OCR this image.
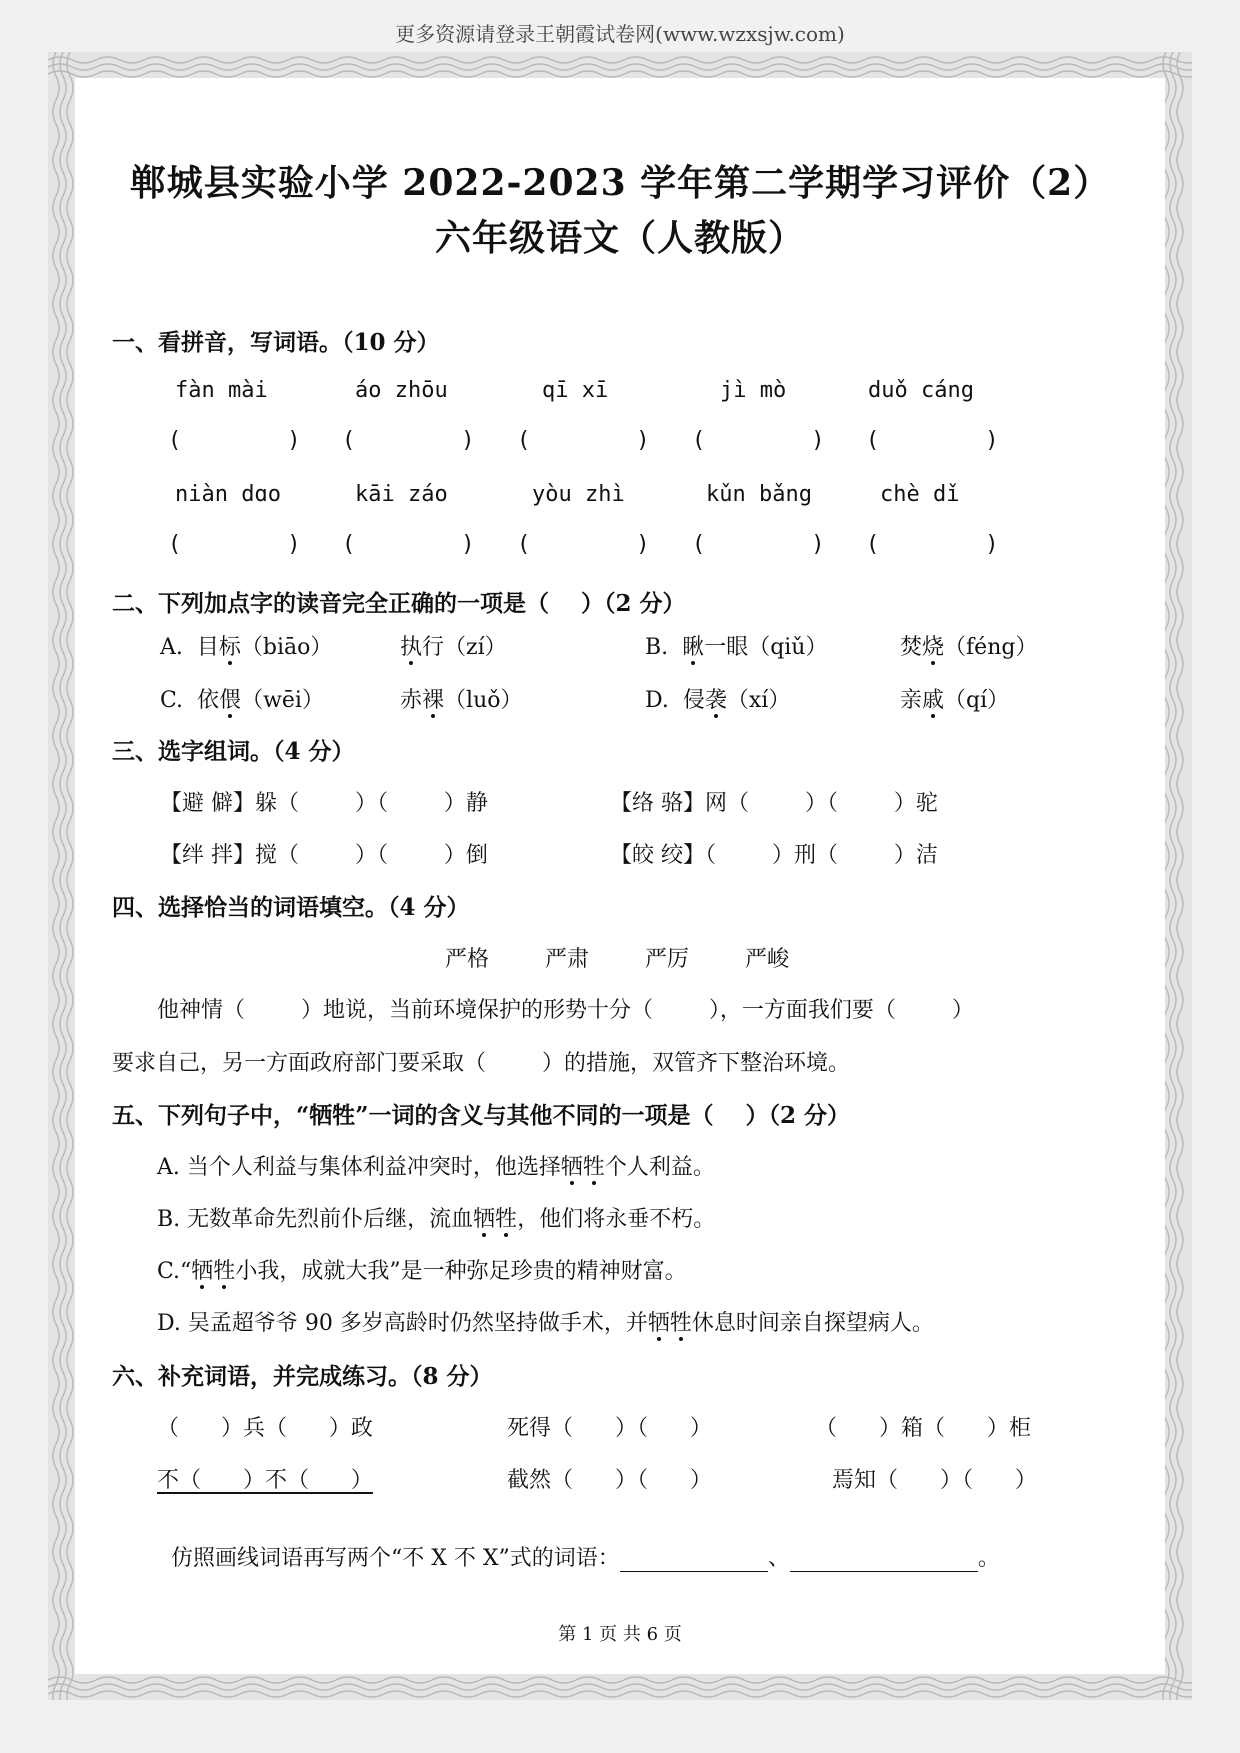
更多资源请登录王朝霞试卷网(www.wzxsjw.com)
郸城县实验小学 2022-2023 学年第二学期学习评价（2）
六年级语文（人教版）
一、看拼音，写词语。（10 分）
fàn mài	áo zhōu	qī xī	jì mò	duǒ cáng
(        ) (        ) (        ) (        ) (        )
niàn dɑo	kāi záo	yòu zhì	kǔn bǎng	chè dǐ
(        ) (        ) (        ) (        ) (        )
二、下列加点字的读音完全正确的一项是（    ）（2 分）
A. 目标（biāo）	执行（zí）	B. 瞅一眼（qiǔ）	焚烧（féng）
C. 依偎（wēi）	赤裸（luǒ）	D. 侵袭（xí）	亲戚（qí）
三、选字组词。（4 分）
【避 僻】躲（        ）（        ）静	【络 骆】网（        ）（        ）驼
【绊 拌】搅（        ）（        ）倒	【皎 绞】（        ）刑（        ）洁
四、选择恰当的词语填空。（4 分）
严格	严肃	严厉	严峻
他神情（        ）地说，当前环境保护的形势十分（        ），一方面我们要（        ）
要求自己，另一方面政府部门要采取（        ）的措施，双管齐下整治环境。
五、下列句子中，“牺牲”一词的含义与其他不同的一项是（    ）（2 分）
A. 当个人利益与集体利益冲突时，他选择牺牲个人利益。
B. 无数革命先烈前仆后继，流血牺牲，他们将永垂不朽。
C.“牺牲小我，成就大我”是一种弥足珍贵的精神财富。
D. 吴孟超爷爷 90 多岁高龄时仍然坚持做手术，并牺牲休息时间亲自探望病人。
六、补充词语，并完成练习。（8 分）
（      ）兵（      ）政	死得（      ）（      ）	（      ）箱（      ）柜
不（      ）不（      ）	截然（      ）（      ）	焉知（      ）（      ）

仿照画线词语再写两个“不 X 不 X”式的词语：	、	。

第 1 页 共 6 页
